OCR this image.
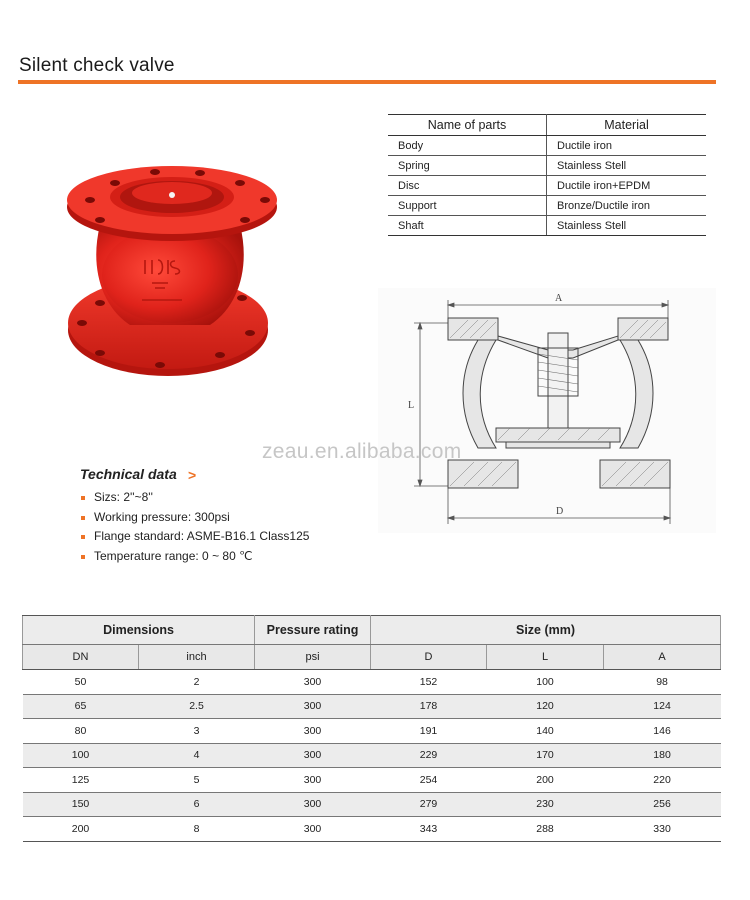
Silent check valve
Name of parts	Material
Body	Ductile iron
Spring	Stainless Stell
Disc	Ductile iron+EPDM
Support	Bronze/Ductile iron
Shaft	Stainless Stell
A
L
D
zeau.en.alibaba.com
Technical data >
Sizs: 2''~8''
Working pressure: 300psi
Flange standard: ASME-B16.1 Class125
Temperature range: 0 ~ 80 ℃
Dimensions		Pressure rating	Size (mm)		
DN	inch	psi	D	L	A
50	2	300	152	100	98
65	2.5	300	178	120	124
80	3	300	191	140	146
100	4	300	229	170	180
125	5	300	254	200	220
150	6	300	279	230	256
200	8	300	343	288	330
